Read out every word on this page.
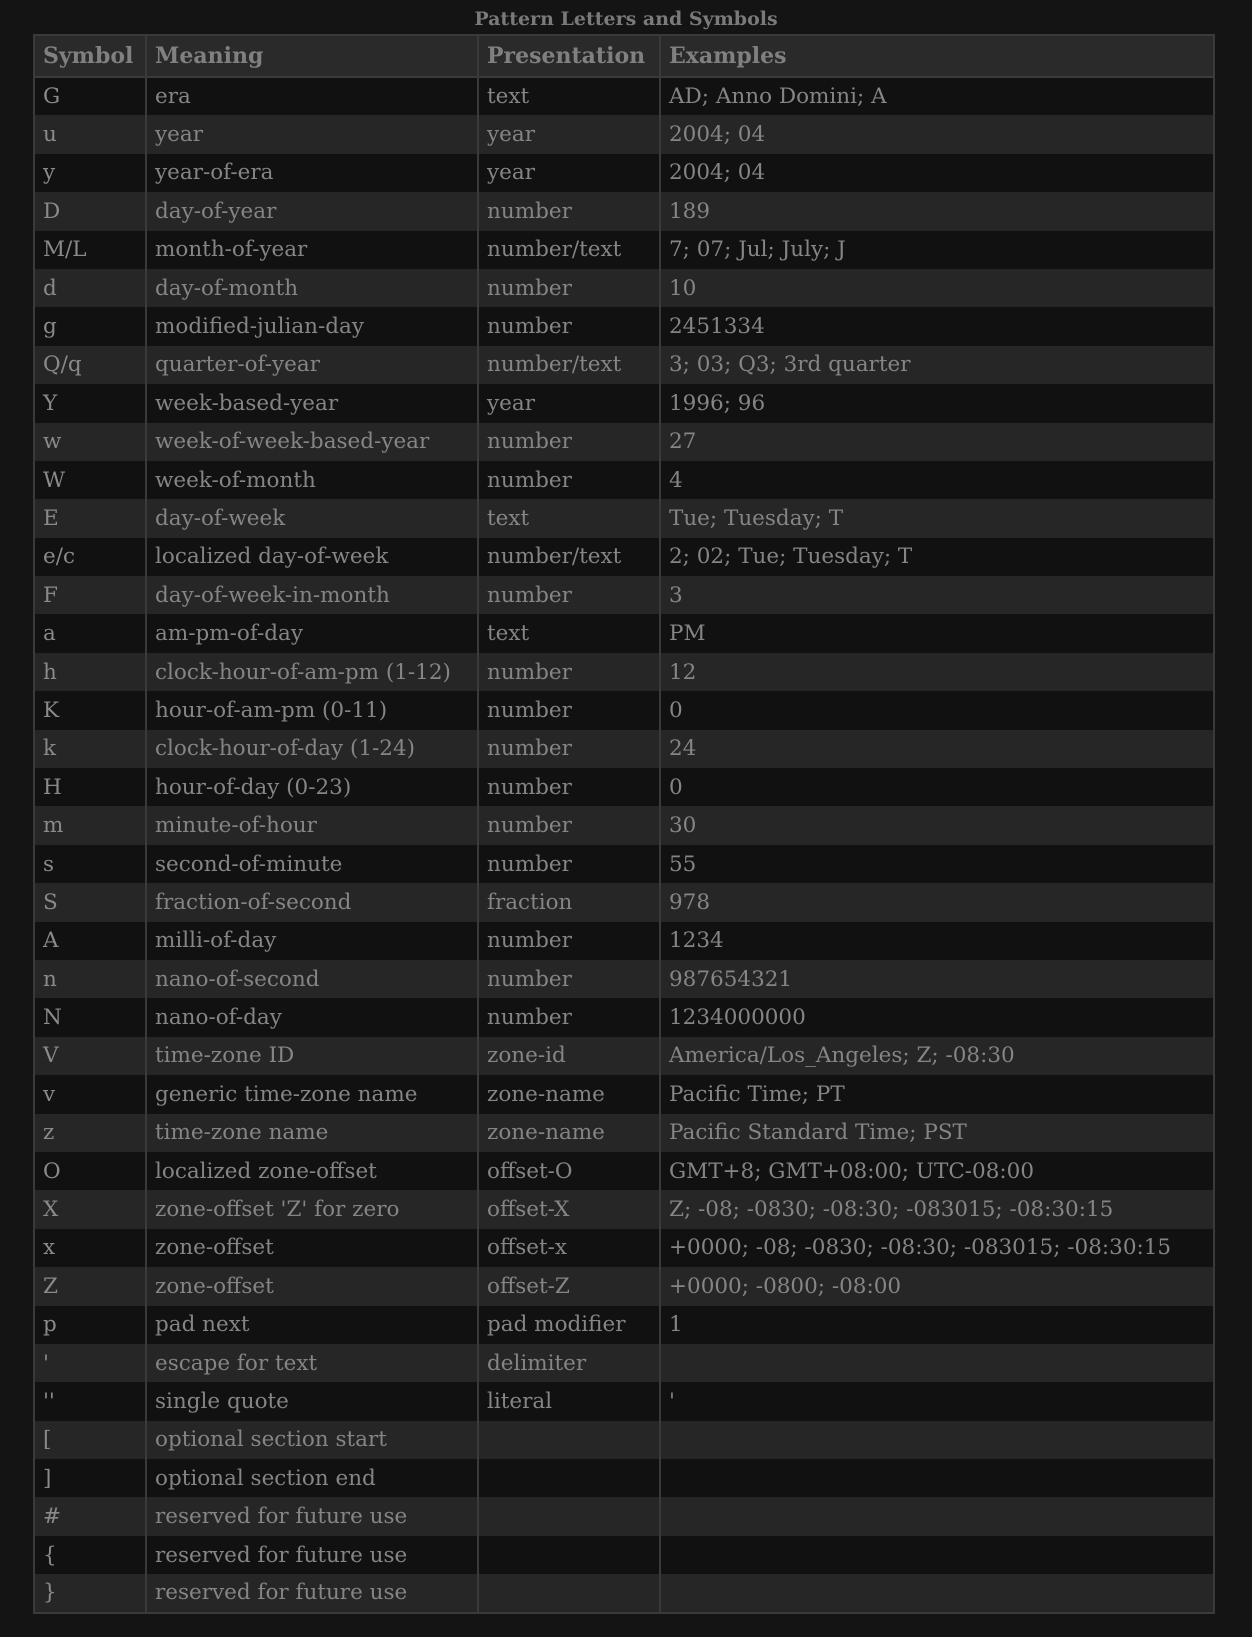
Pattern Letters and Symbols
Symbol	Meaning	Presentation	Examples
G	era	text	AD; Anno Domini; A
u	year	year	2004; 04
y	year-of-era	year	2004; 04
D	day-of-year	number	189
M/L	month-of-year	number/text	7; 07; Jul; July; J
d	day-of-month	number	10
g	modified-julian-day	number	2451334
Q/q	quarter-of-year	number/text	3; 03; Q3; 3rd quarter
Y	week-based-year	year	1996; 96
w	week-of-week-based-year	number	27
W	week-of-month	number	4
E	day-of-week	text	Tue; Tuesday; T
e/c	localized day-of-week	number/text	2; 02; Tue; Tuesday; T
F	day-of-week-in-month	number	3
a	am-pm-of-day	text	PM
h	clock-hour-of-am-pm (1-12)	number	12
K	hour-of-am-pm (0-11)	number	0
k	clock-hour-of-day (1-24)	number	24
H	hour-of-day (0-23)	number	0
m	minute-of-hour	number	30
s	second-of-minute	number	55
S	fraction-of-second	fraction	978
A	milli-of-day	number	1234
n	nano-of-second	number	987654321
N	nano-of-day	number	1234000000
V	time-zone ID	zone-id	America/Los_Angeles; Z; -08:30
v	generic time-zone name	zone-name	Pacific Time; PT
z	time-zone name	zone-name	Pacific Standard Time; PST
O	localized zone-offset	offset-O	GMT+8; GMT+08:00; UTC-08:00
X	zone-offset 'Z' for zero	offset-X	Z; -08; -0830; -08:30; -083015; -08:30:15
x	zone-offset	offset-x	+0000; -08; -0830; -08:30; -083015; -08:30:15
Z	zone-offset	offset-Z	+0000; -0800; -08:00
p	pad next	pad modifier	1
'	escape for text	delimiter	
''	single quote	literal	'
[	optional section start		
]	optional section end		
#	reserved for future use		
{	reserved for future use		
}	reserved for future use		
